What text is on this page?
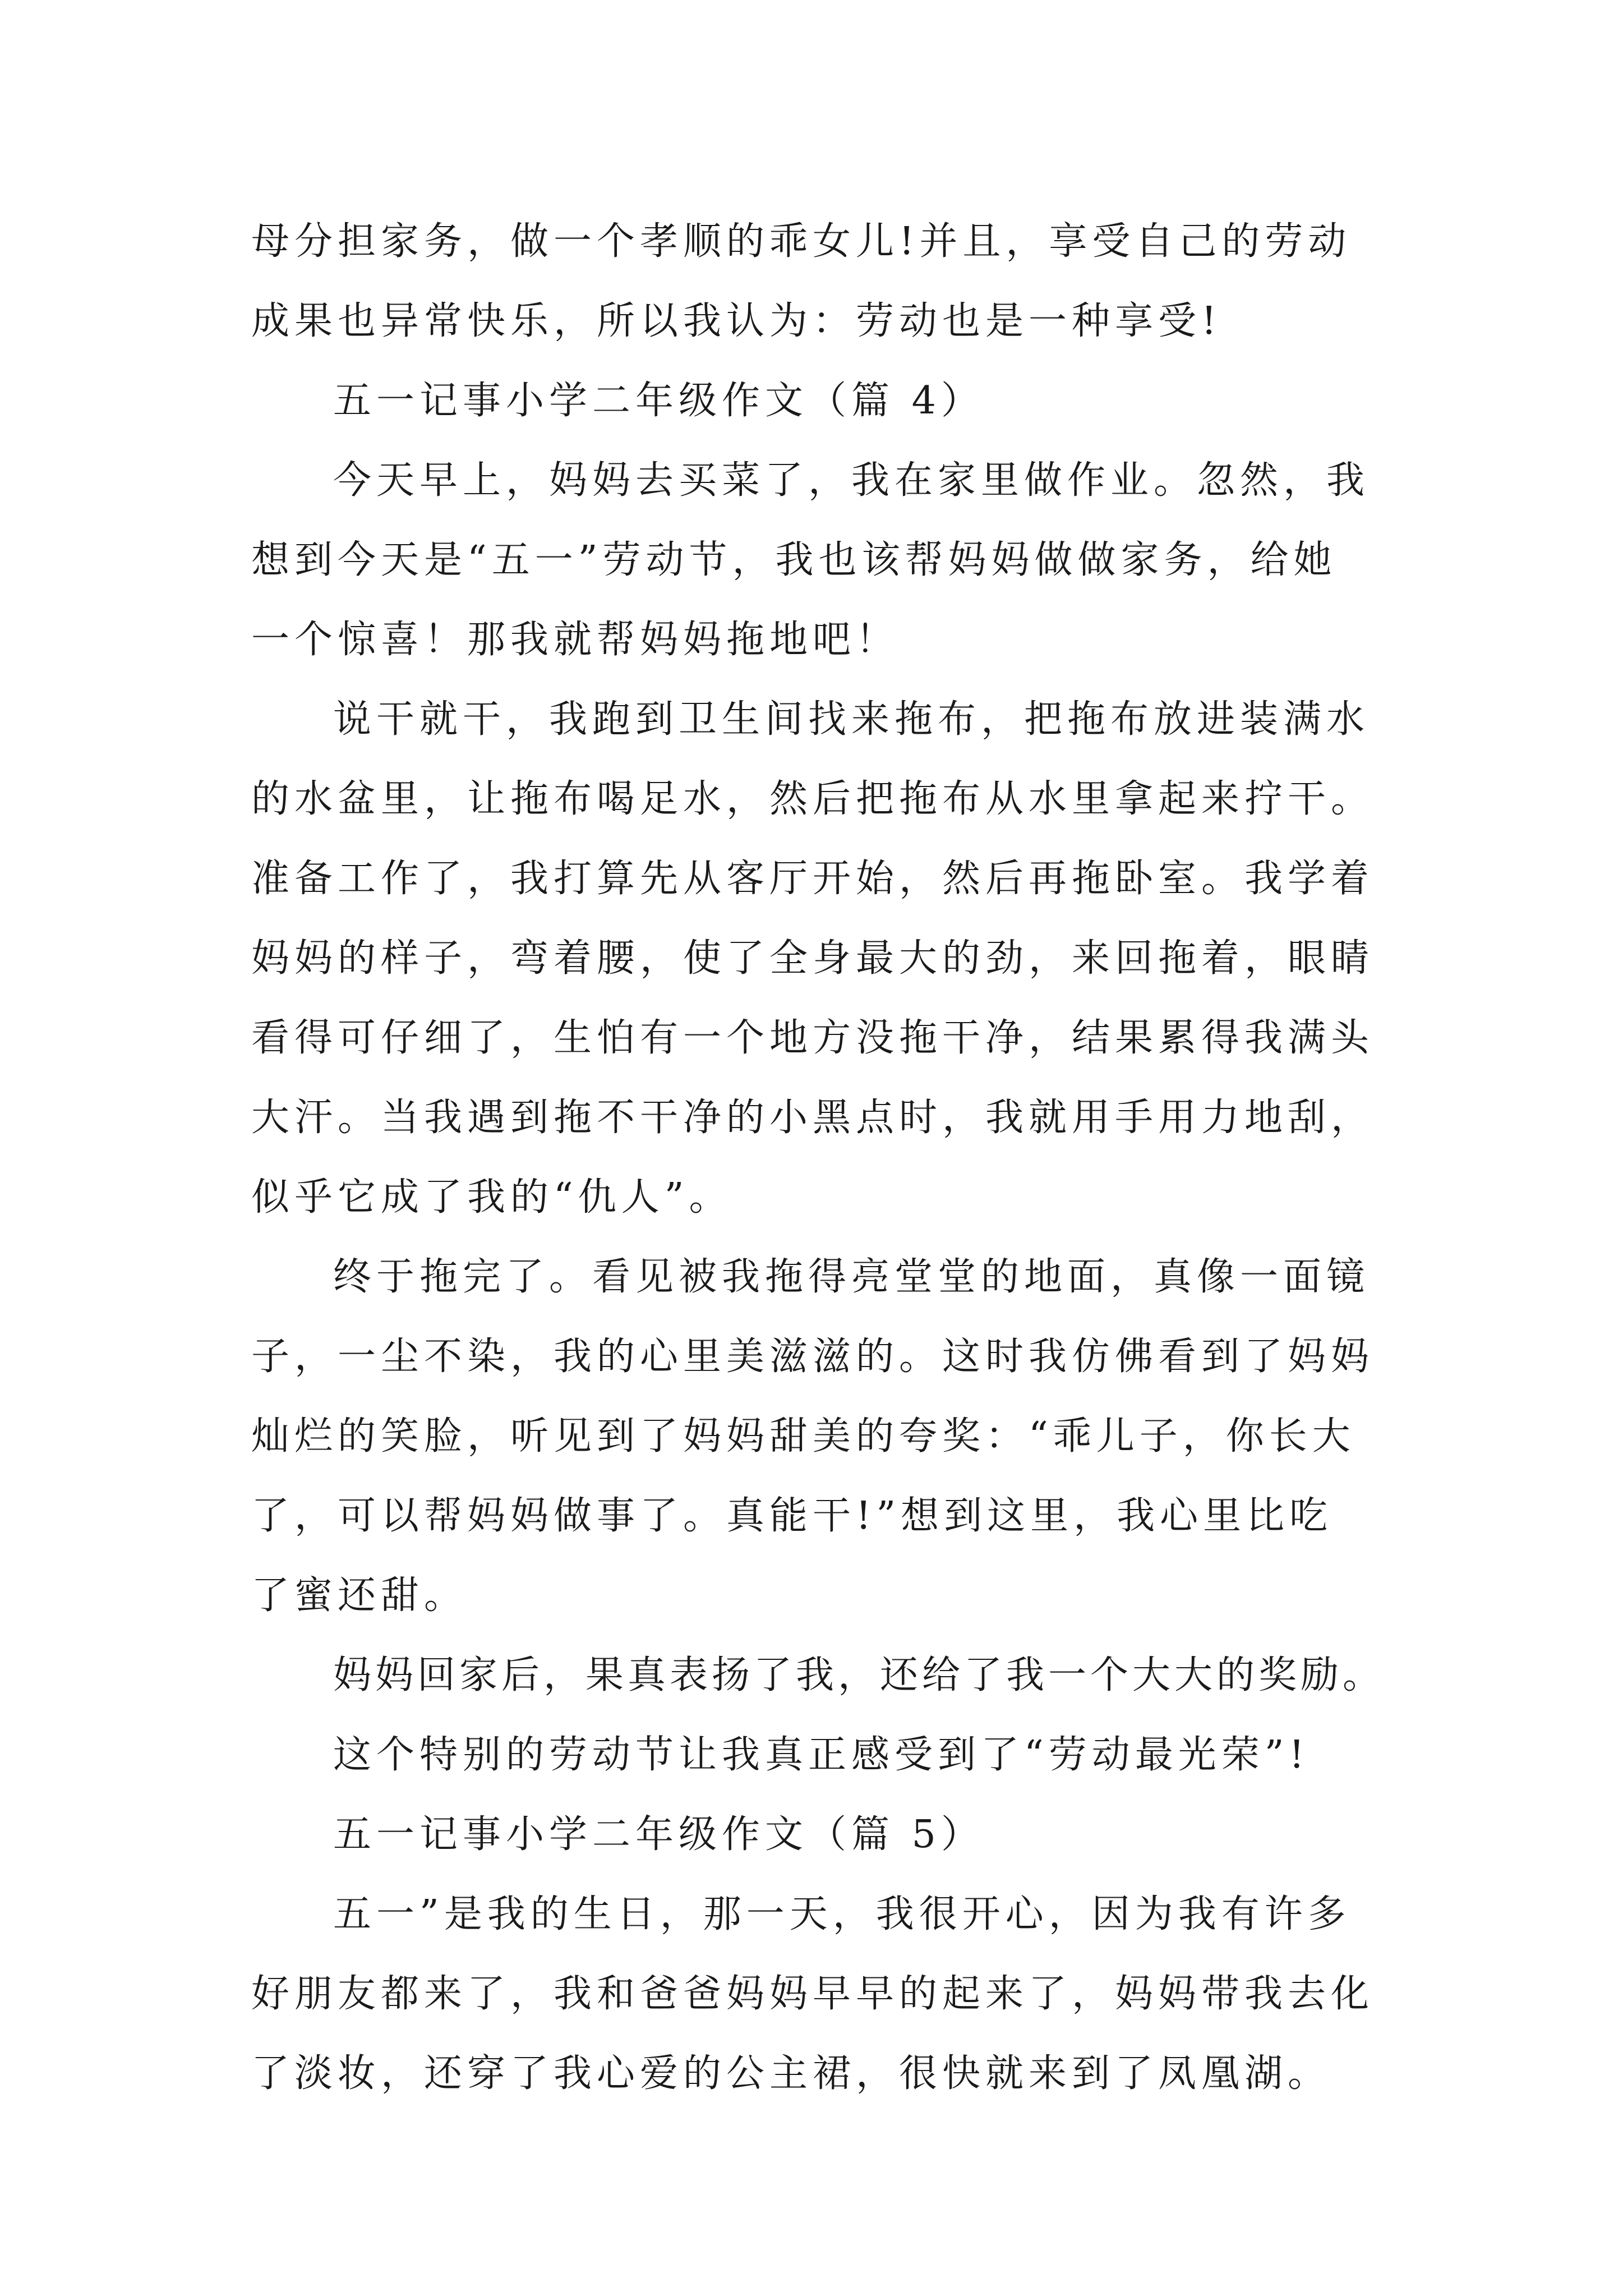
母分担家务，做一个孝顺的乖女儿!并且，享受自己的劳动
成果也异常快乐，所以我认为：劳动也是一种享受!
五一记事小学二年级作文（篇 4）
今天早上，妈妈去买菜了，我在家里做作业。忽然，我
想到今天是“五一”劳动节，我也该帮妈妈做做家务，给她
一个惊喜！那我就帮妈妈拖地吧！
说干就干，我跑到卫生间找来拖布，把拖布放进装满水
的水盆里，让拖布喝足水，然后把拖布从水里拿起来拧干。
准备工作了，我打算先从客厅开始，然后再拖卧室。我学着
妈妈的样子，弯着腰，使了全身最大的劲，来回拖着，眼睛
看得可仔细了，生怕有一个地方没拖干净，结果累得我满头
大汗。当我遇到拖不干净的小黑点时，我就用手用力地刮，
似乎它成了我的“仇人”。
终于拖完了。看见被我拖得亮堂堂的地面，真像一面镜
子，一尘不染，我的心里美滋滋的。这时我仿佛看到了妈妈
灿烂的笑脸，听见到了妈妈甜美的夸奖：“乖儿子，你长大
了，可以帮妈妈做事了。真能干!”想到这里，我心里比吃
了蜜还甜。
妈妈回家后，果真表扬了我，还给了我一个大大的奖励。
这个特别的劳动节让我真正感受到了“劳动最光荣”!
五一记事小学二年级作文（篇 5）
五一”是我的生日，那一天，我很开心，因为我有许多
好朋友都来了，我和爸爸妈妈早早的起来了，妈妈带我去化
了淡妆，还穿了我心爱的公主裙，很快就来到了凤凰湖。
